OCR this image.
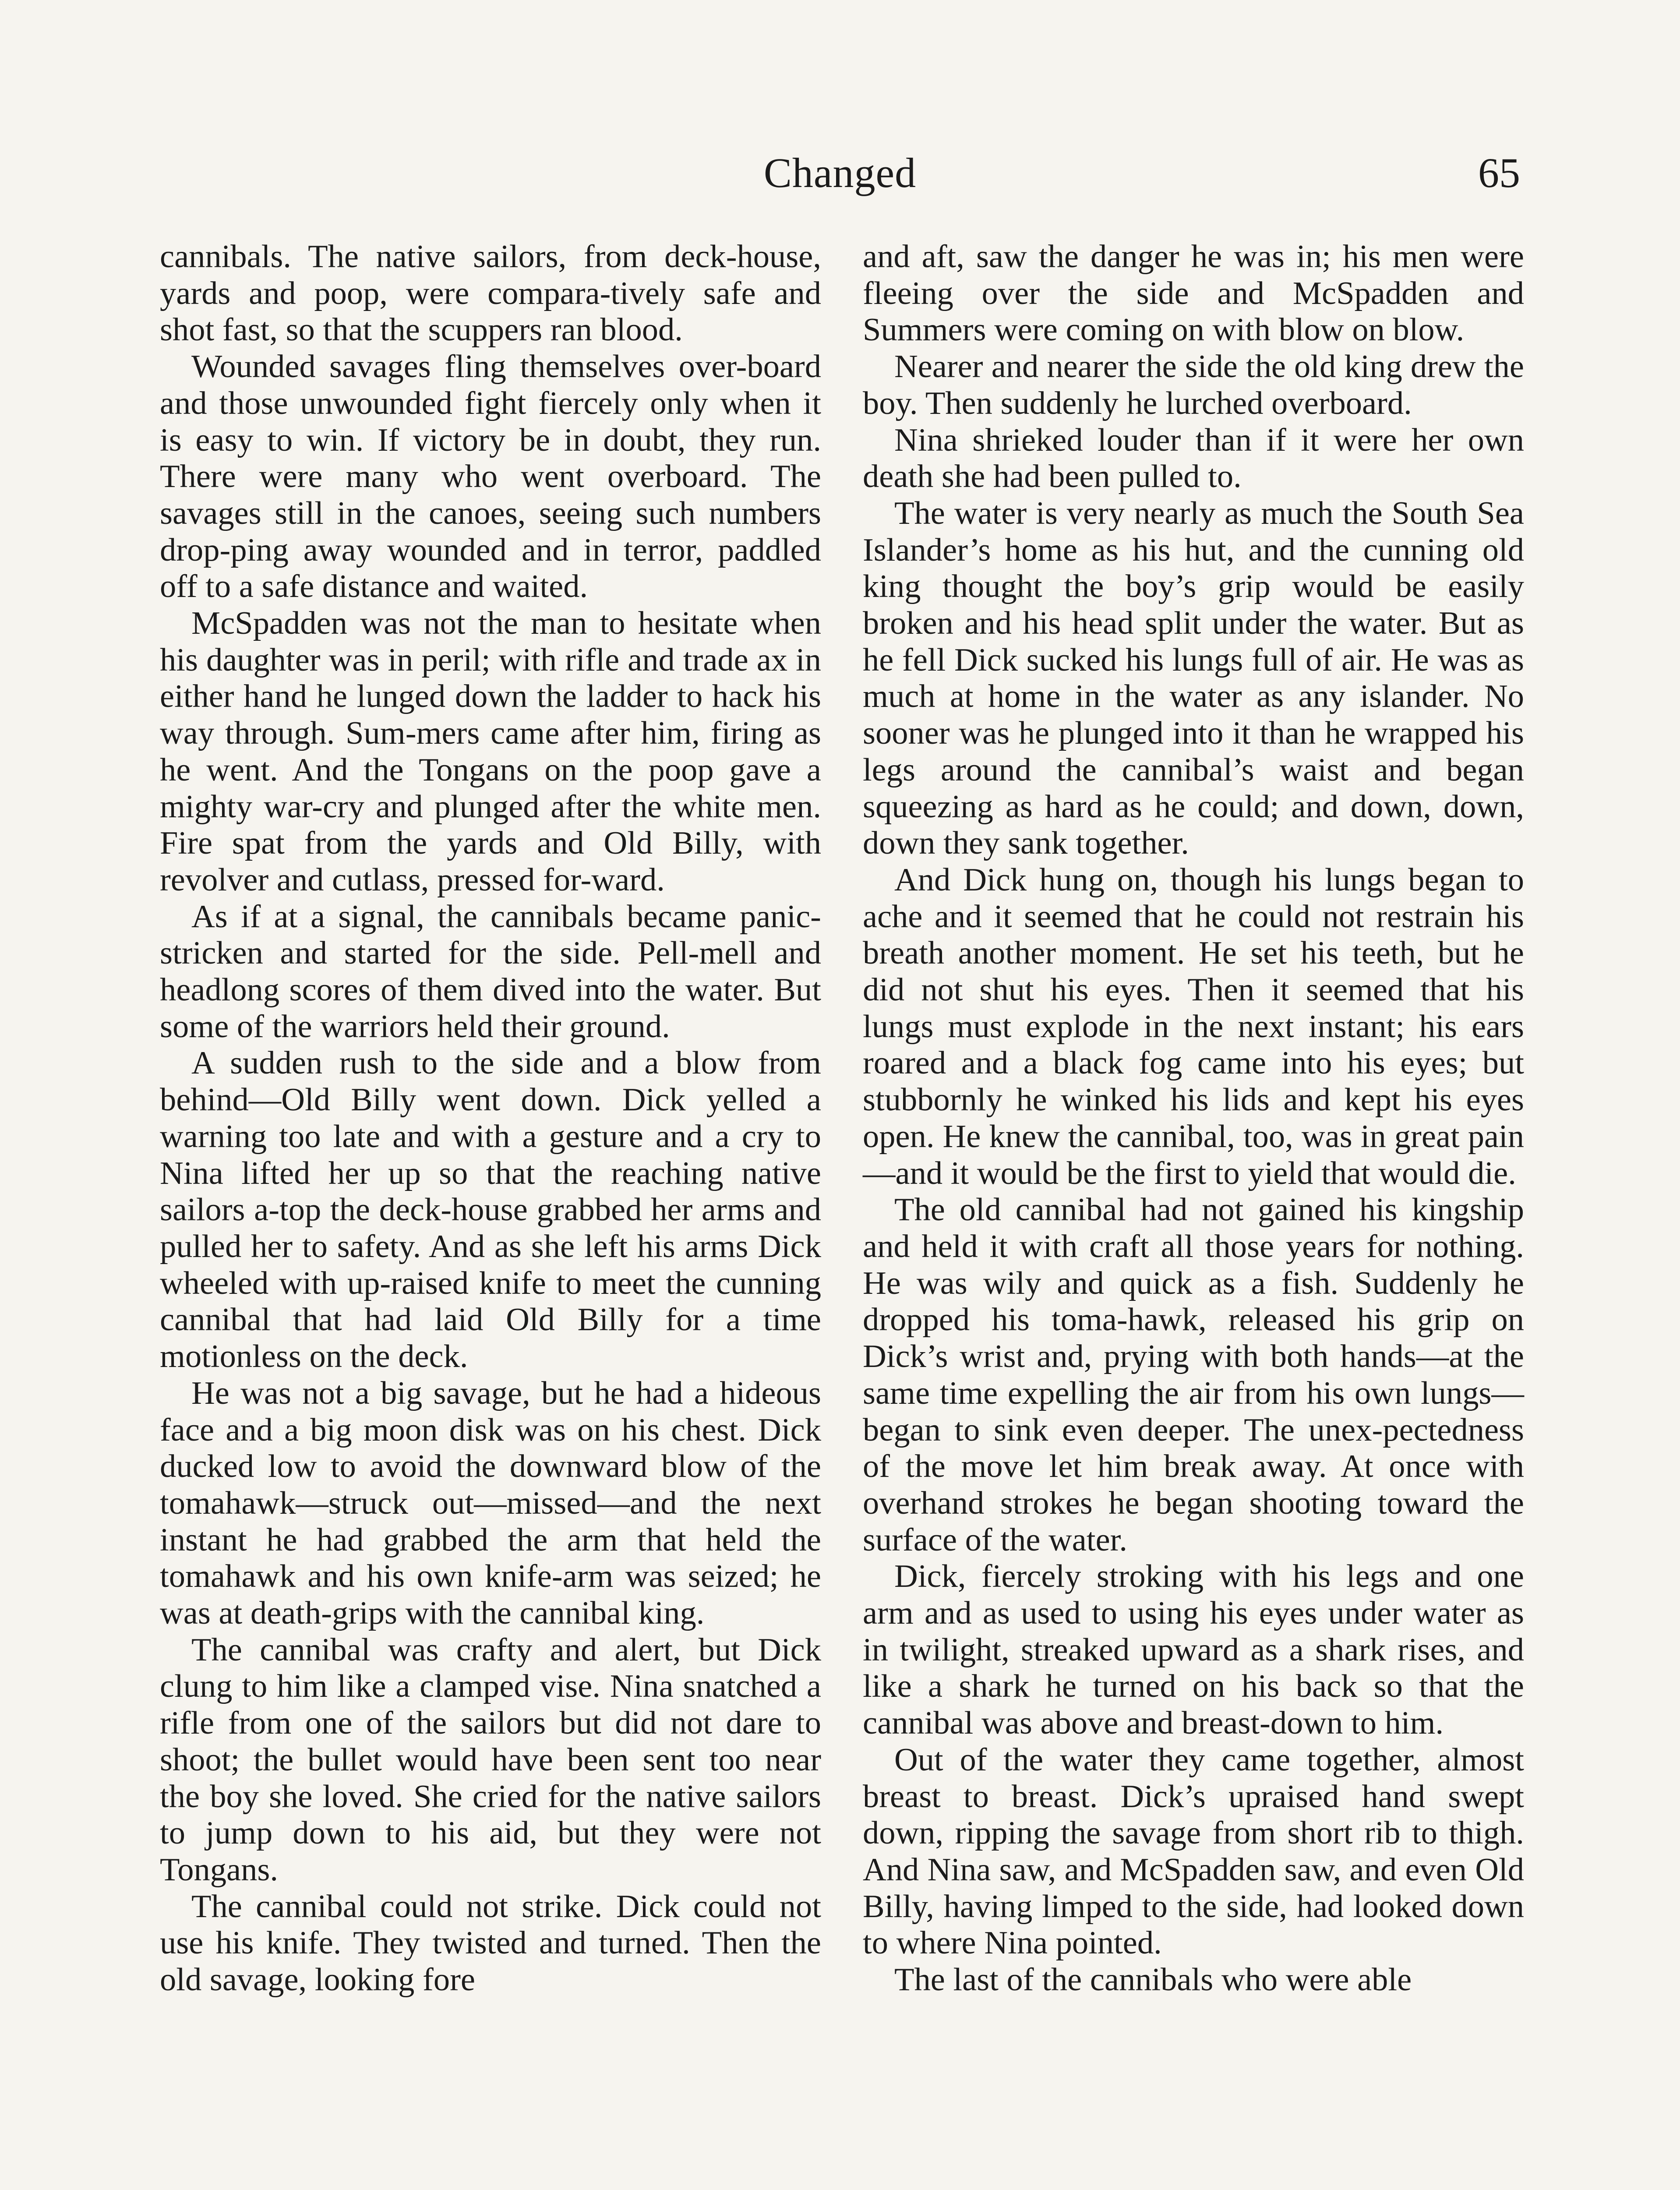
Changed	65

cannibals. The native sailors, from deck-house, yards and poop, were compara-tively safe and shot fast, so that the scuppers ran blood.

Wounded savages fling themselves over-board and those unwounded fight fiercely only when it is easy to win. If victory be in doubt, they run. There were many who went overboard. The savages still in the canoes, seeing such numbers drop-ping away wounded and in terror, paddled off to a safe distance and waited.

McSpadden was not the man to hesitate when his daughter was in peril; with rifle and trade ax in either hand he lunged down the ladder to hack his way through. Sum-mers came after him, firing as he went. And the Tongans on the poop gave a mighty war-cry and plunged after the white men. Fire spat from the yards and Old Billy, with revolver and cutlass, pressed for-ward.

As if at a signal, the cannibals became panic-stricken and started for the side. Pell-mell and headlong scores of them dived into the water. But some of the warriors held their ground.

A sudden rush to the side and a blow from behind—Old Billy went down. Dick yelled a warning too late and with a gesture and a cry to Nina lifted her up so that the reaching native sailors a-top the deck-house grabbed her arms and pulled her to safety. And as she left his arms Dick wheeled with up-raised knife to meet the cunning cannibal that had laid Old Billy for a time motionless on the deck.

He was not a big savage, but he had a hideous face and a big moon disk was on his chest. Dick ducked low to avoid the downward blow of the tomahawk—struck out—missed—and the next instant he had grabbed the arm that held the tomahawk and his own knife-arm was seized; he was at death-grips with the cannibal king.

The cannibal was crafty and alert, but Dick clung to him like a clamped vise. Nina snatched a rifle from one of the sailors but did not dare to shoot; the bullet would have been sent too near the boy she loved. She cried for the native sailors to jump down to his aid, but they were not Tongans.

The cannibal could not strike. Dick could not use his knife. They twisted and turned. Then the old savage, looking fore

and aft, saw the danger he was in; his men were fleeing over the side and McSpadden and Summers were coming on with blow on blow.

Nearer and nearer the side the old king drew the boy. Then suddenly he lurched overboard.

Nina shrieked louder than if it were her own death she had been pulled to.

The water is very nearly as much the South Sea Islander’s home as his hut, and the cunning old king thought the boy’s grip would be easily broken and his head split under the water. But as he fell Dick sucked his lungs full of air. He was as much at home in the water as any islander. No sooner was he plunged into it than he wrapped his legs around the cannibal’s waist and began squeezing as hard as he could; and down, down, down they sank together.

And Dick hung on, though his lungs began to ache and it seemed that he could not restrain his breath another moment. He set his teeth, but he did not shut his eyes. Then it seemed that his lungs must explode in the next instant; his ears roared and a black fog came into his eyes; but stubbornly he winked his lids and kept his eyes open. He knew the cannibal, too, was in great pain—and it would be the first to yield that would die.

The old cannibal had not gained his kingship and held it with craft all those years for nothing. He was wily and quick as a fish. Suddenly he dropped his toma-hawk, released his grip on Dick’s wrist and, prying with both hands—at the same time expelling the air from his own lungs—began to sink even deeper. The unex-pectedness of the move let him break away. At once with overhand strokes he began shooting toward the surface of the water.

Dick, fiercely stroking with his legs and one arm and as used to using his eyes under water as in twilight, streaked upward as a shark rises, and like a shark he turned on his back so that the cannibal was above and breast-down to him.

Out of the water they came together, almost breast to breast. Dick’s upraised hand swept down, ripping the savage from short rib to thigh. And Nina saw, and McSpadden saw, and even Old Billy, having limped to the side, had looked down to where Nina pointed.

The last of the cannibals who were able
